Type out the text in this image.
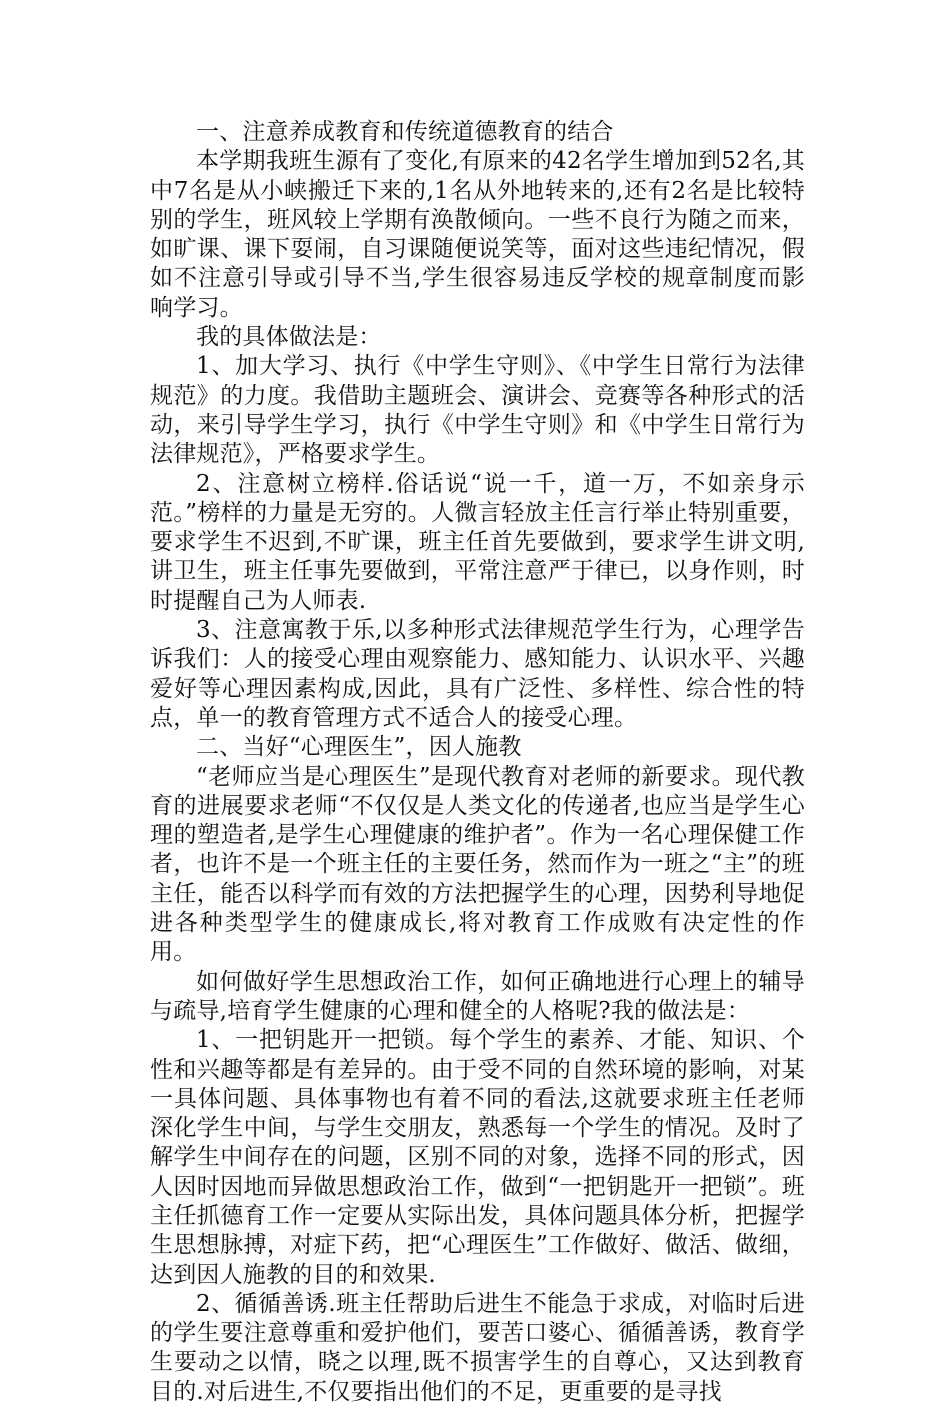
一、注意养成教育和传统道德教育的结合

本学期我班生源有了变化,有原来的42名学生增加到52名,其中7名是从小峡搬迁下来的,1名从外地转来的,还有2名是比较特别的学生，班风较上学期有涣散倾向。一些不良行为随之而来，如旷课、课下耍闹，自习课随便说笑等，面对这些违纪情况，假如不注意引导或引导不当,学生很容易违反学校的规章制度而影响学习。

我的具体做法是：

1、加大学习、执行《中学生守则》、《中学生日常行为法律规范》的力度。我借助主题班会、演讲会、竞赛等各种形式的活动，来引导学生学习，执行《中学生守则》和《中学生日常行为法律规范》，严格要求学生。

2、注意树立榜样.俗话说“说一千，道一万，不如亲身示范。”榜样的力量是无穷的。人微言轻放主任言行举止特别重要，要求学生不迟到,不旷课，班主任首先要做到，要求学生讲文明,讲卫生，班主任事先要做到，平常注意严于律已，以身作则，时时提醒自己为人师表.

3、注意寓教于乐,以多种形式法律规范学生行为，心理学告诉我们：人的接受心理由观察能力、感知能力、认识水平、兴趣爱好等心理因素构成,因此，具有广泛性、多样性、综合性的特点，单一的教育管理方式不适合人的接受心理。

二、当好“心理医生”，因人施教

“老师应当是心理医生”是现代教育对老师的新要求。现代教育的进展要求老师“不仅仅是人类文化的传递者,也应当是学生心理的塑造者,是学生心理健康的维护者”。作为一名心理保健工作者，也许不是一个班主任的主要任务，然而作为一班之“主”的班主任，能否以科学而有效的方法把握学生的心理，因势利导地促进各种类型学生的健康成长,将对教育工作成败有决定性的作用。

如何做好学生思想政治工作，如何正确地进行心理上的辅导与疏导,培育学生健康的心理和健全的人格呢?我的做法是：

1、一把钥匙开一把锁。每个学生的素养、才能、知识、个性和兴趣等都是有差异的。由于受不同的自然环境的影响，对某一具体问题、具体事物也有着不同的看法,这就要求班主任老师深化学生中间，与学生交朋友，熟悉每一个学生的情况。及时了解学生中间存在的问题，区别不同的对象，选择不同的形式，因人因时因地而异做思想政治工作，做到“一把钥匙开一把锁”。班主任抓德育工作一定要从实际出发，具体问题具体分析，把握学生思想脉搏，对症下药，把“心理医生”工作做好、做活、做细，达到因人施教的目的和效果.

2、循循善诱.班主任帮助后进生不能急于求成，对临时后进的学生要注意尊重和爱护他们，要苦口婆心、循循善诱，教育学生要动之以情，晓之以理,既不损害学生的自尊心，又达到教育目的.对后进生,不仅要指出他们的不足，更重要的是寻找
